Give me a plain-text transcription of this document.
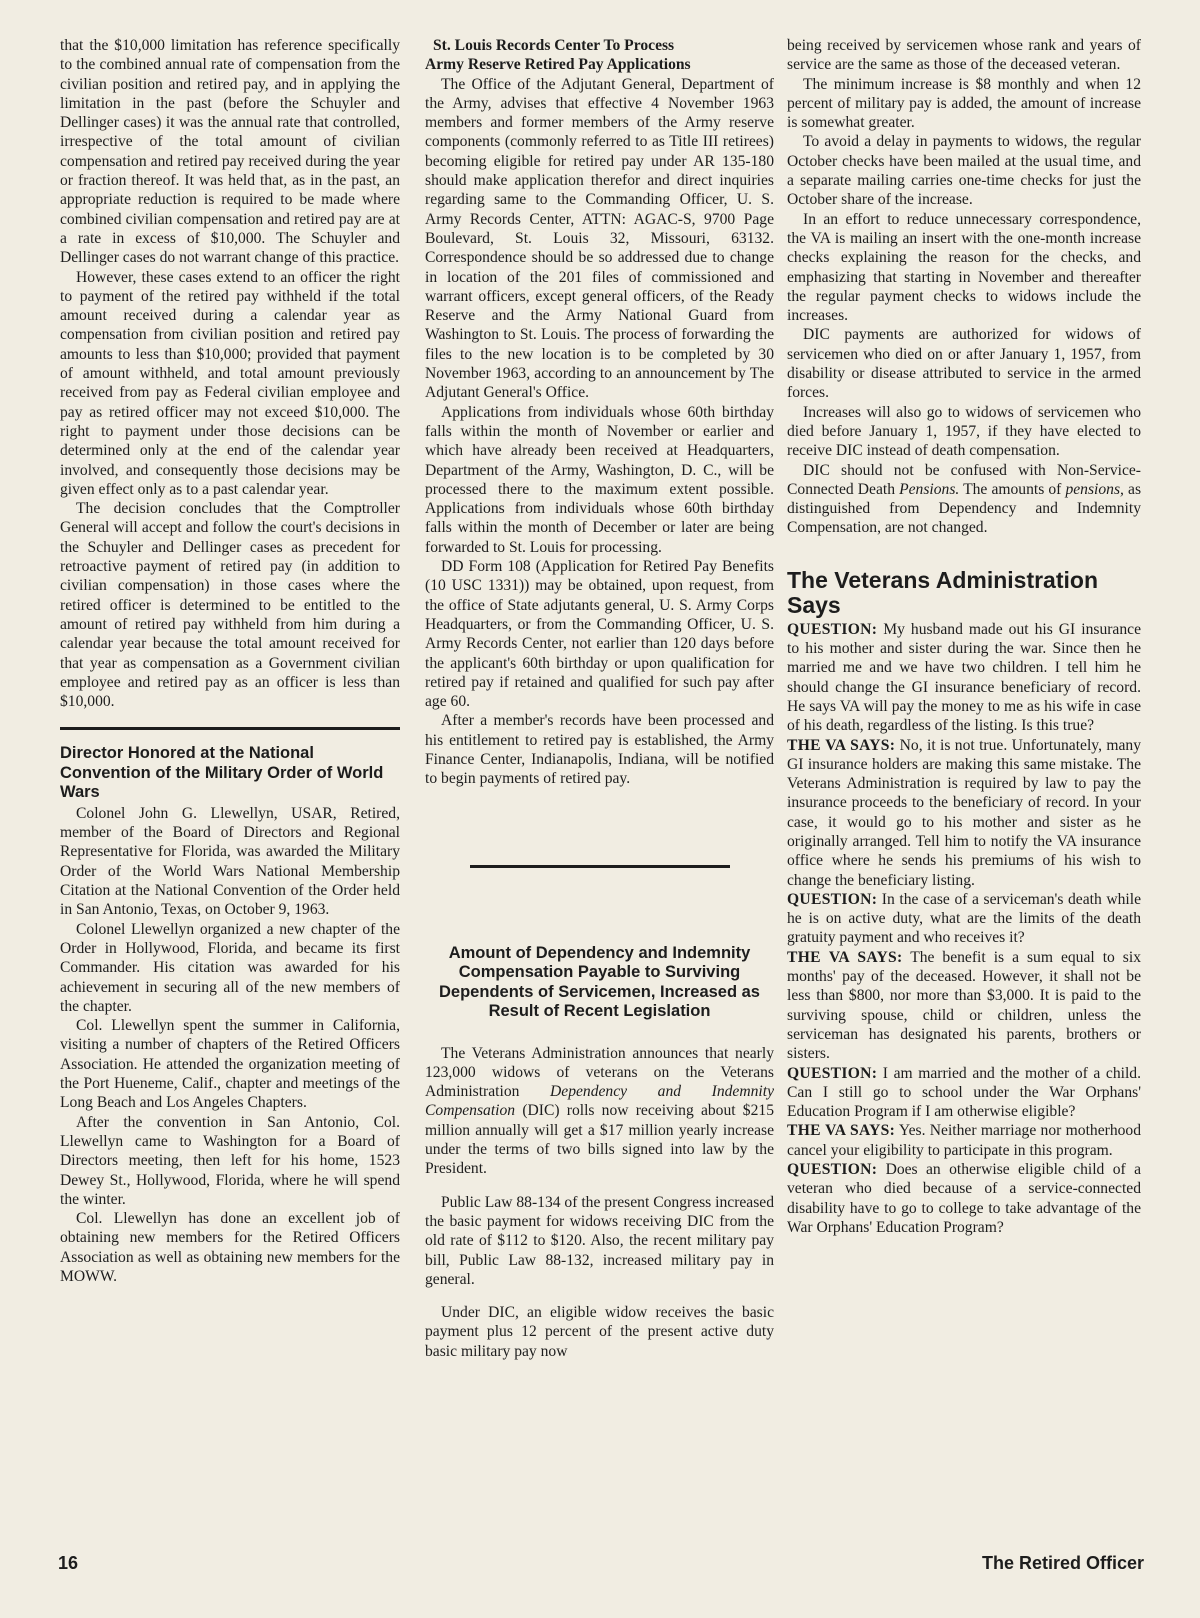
that the $10,000 limitation has reference specifically to the combined annual rate of compensation from the civilian position and retired pay, and in applying the limitation in the past (before the Schuyler and Dellinger cases) it was the annual rate that controlled, irrespective of the total amount of civilian compensation and retired pay received during the year or fraction thereof. It was held that, as in the past, an appropriate reduction is required to be made where combined civilian compensation and retired pay are at a rate in excess of $10,000. The Schuyler and Dellinger cases do not warrant change of this practice.

However, these cases extend to an officer the right to payment of the retired pay withheld if the total amount received during a calendar year as compensation from civilian position and retired pay amounts to less than $10,000; provided that payment of amount withheld, and total amount previously received from pay as Federal civilian employee and pay as retired officer may not exceed $10,000. The right to payment under those decisions can be determined only at the end of the calendar year involved, and consequently those decisions may be given effect only as to a past calendar year.

The decision concludes that the Comptroller General will accept and follow the court's decisions in the Schuyler and Dellinger cases as precedent for retroactive payment of retired pay (in addition to civilian compensation) in those cases where the retired officer is determined to be entitled to the amount of retired pay withheld from him during a calendar year because the total amount received for that year as compensation as a Government civilian employee and retired pay as an officer is less than $10,000.

Director Honored at the National Convention of the Military Order of World Wars

Colonel John G. Llewellyn, USAR, Retired, member of the Board of Directors and Regional Representative for Florida, was awarded the Military Order of the World Wars National Membership Citation at the National Convention of the Order held in San Antonio, Texas, on October 9, 1963.

Colonel Llewellyn organized a new chapter of the Order in Hollywood, Florida, and became its first Commander. His citation was awarded for his achievement in securing all of the new members of the chapter.

Col. Llewellyn spent the summer in California, visiting a number of chapters of the Retired Officers Association. He attended the organization meeting of the Port Hueneme, Calif., chapter and meetings of the Long Beach and Los Angeles Chapters.

After the convention in San Antonio, Col. Llewellyn came to Washington for a Board of Directors meeting, then left for his home, 1523 Dewey St., Hollywood, Florida, where he will spend the winter.

Col. Llewellyn has done an excellent job of obtaining new members for the Retired Officers Association as well as obtaining new members for the MOWW.

St. Louis Records Center To Process
Army Reserve Retired Pay Applications

The Office of the Adjutant General, Department of the Army, advises that effective 4 November 1963 members and former members of the Army reserve components (commonly referred to as Title III retirees) becoming eligible for retired pay under AR 135-180 should make application therefor and direct inquiries regarding same to the Commanding Officer, U. S. Army Records Center, ATTN: AGAC-S, 9700 Page Boulevard, St. Louis 32, Missouri, 63132. Correspondence should be so addressed due to change in location of the 201 files of commissioned and warrant officers, except general officers, of the Ready Reserve and the Army National Guard from Washington to St. Louis. The process of forwarding the files to the new location is to be completed by 30 November 1963, according to an announcement by The Adjutant General's Office.

Applications from individuals whose 60th birthday falls within the month of November or earlier and which have already been received at Headquarters, Department of the Army, Washington, D. C., will be processed there to the maximum extent possible. Applications from individuals whose 60th birthday falls within the month of December or later are being forwarded to St. Louis for processing.

DD Form 108 (Application for Retired Pay Benefits (10 USC 1331)) may be obtained, upon request, from the office of State adjutants general, U. S. Army Corps Headquarters, or from the Commanding Officer, U. S. Army Records Center, not earlier than 120 days before the applicant's 60th birthday or upon qualification for retired pay if retained and qualified for such pay after age 60.

After a member's records have been processed and his entitlement to retired pay is established, the Army Finance Center, Indianapolis, Indiana, will be notified to begin payments of retired pay.

Amount of Dependency and Indemnity Compensation Payable to Surviving Dependents of Servicemen, Increased as Result of Recent Legislation

The Veterans Administration announces that nearly 123,000 widows of veterans on the Veterans Administration Dependency and Indemnity Compensation (DIC) rolls now receiving about $215 million annually will get a $17 million yearly increase under the terms of two bills signed into law by the President.

Public Law 88-134 of the present Congress increased the basic payment for widows receiving DIC from the old rate of $112 to $120. Also, the recent military pay bill, Public Law 88-132, increased military pay in general.

Under DIC, an eligible widow receives the basic payment plus 12 percent of the present active duty basic military pay now

being received by servicemen whose rank and years of service are the same as those of the deceased veteran.

The minimum increase is $8 monthly and when 12 percent of military pay is added, the amount of increase is somewhat greater.

To avoid a delay in payments to widows, the regular October checks have been mailed at the usual time, and a separate mailing carries one-time checks for just the October share of the increase.

In an effort to reduce unnecessary correspondence, the VA is mailing an insert with the one-month increase checks explaining the reason for the checks, and emphasizing that starting in November and thereafter the regular payment checks to widows include the increases.

DIC payments are authorized for widows of servicemen who died on or after January 1, 1957, from disability or disease attributed to service in the armed forces.

Increases will also go to widows of servicemen who died before January 1, 1957, if they have elected to receive DIC instead of death compensation.

DIC should not be confused with Non-Service-Connected Death Pensions. The amounts of pensions, as distinguished from Dependency and Indemnity Compensation, are not changed.

The Veterans Administration Says

QUESTION: My husband made out his GI insurance to his mother and sister during the war. Since then he married me and we have two children. I tell him he should change the GI insurance beneficiary of record. He says VA will pay the money to me as his wife in case of his death, regardless of the listing. Is this true?

THE VA SAYS: No, it is not true. Unfortunately, many GI insurance holders are making this same mistake. The Veterans Administration is required by law to pay the insurance proceeds to the beneficiary of record. In your case, it would go to his mother and sister as he originally arranged. Tell him to notify the VA insurance office where he sends his premiums of his wish to change the beneficiary listing.

QUESTION: In the case of a serviceman's death while he is on active duty, what are the limits of the death gratuity payment and who receives it?

THE VA SAYS: The benefit is a sum equal to six months' pay of the deceased. However, it shall not be less than $800, nor more than $3,000. It is paid to the surviving spouse, child or children, unless the serviceman has designated his parents, brothers or sisters.

QUESTION: I am married and the mother of a child. Can I still go to school under the War Orphans' Education Program if I am otherwise eligible?

THE VA SAYS: Yes. Neither marriage nor motherhood cancel your eligibility to participate in this program.

QUESTION: Does an otherwise eligible child of a veteran who died because of a service-connected disability have to go to college to take advantage of the War Orphans' Education Program?

16	The Retired Officer
